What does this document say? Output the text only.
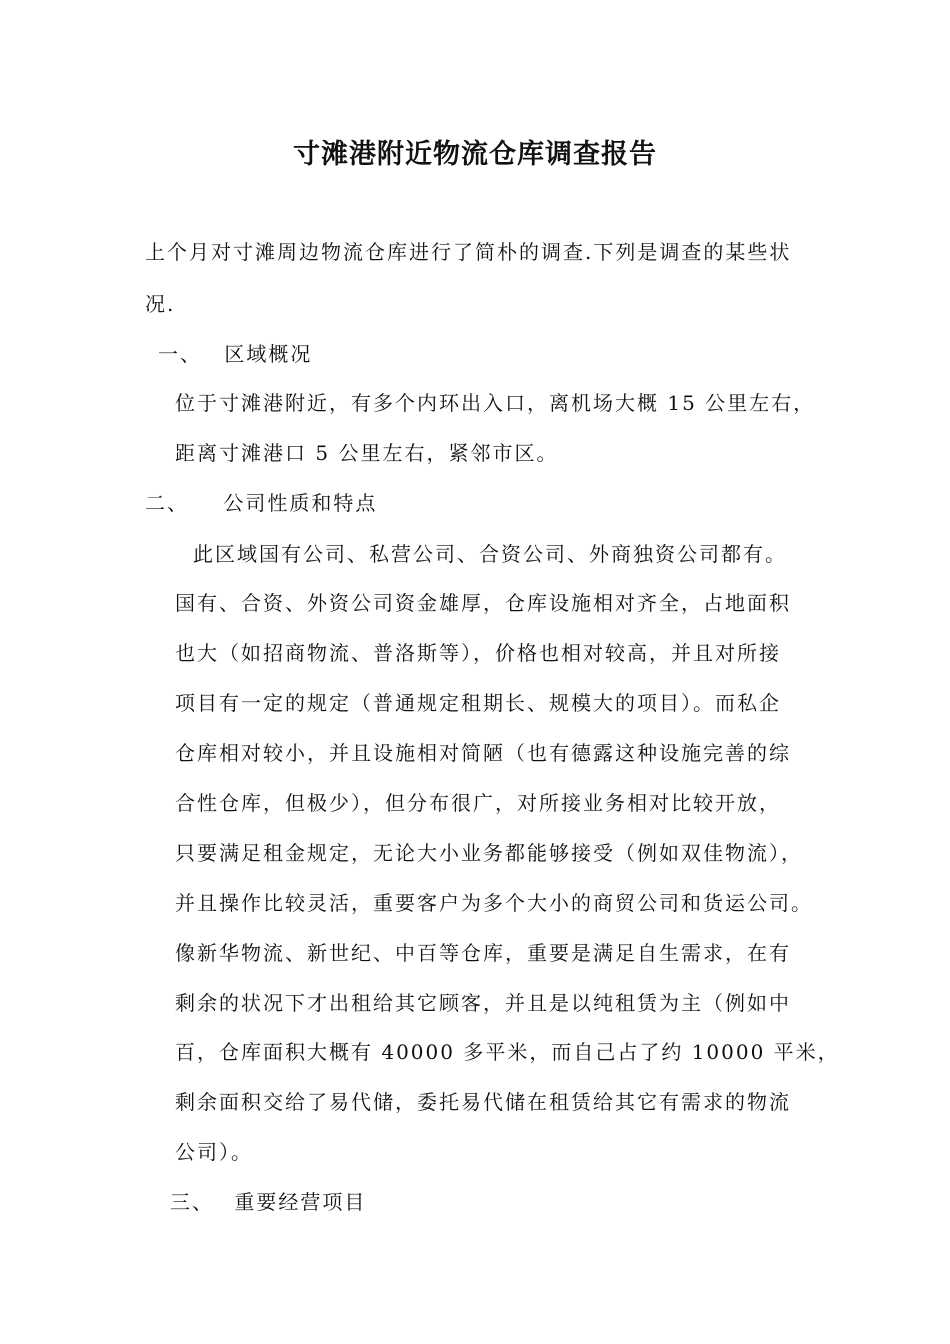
寸滩港附近物流仓库调查报告
上个月对寸滩周边物流仓库进行了简朴的调查.下列是调查的某些状
况.
一、 区域概况
位于寸滩港附近，有多个内环出入口，离机场大概 15 公里左右，
距离寸滩港口 5 公里左右，紧邻市区。
二、 公司性质和特点
此区域国有公司、私营公司、合资公司、外商独资公司都有。
国有、合资、外资公司资金雄厚，仓库设施相对齐全，占地面积
也大（如招商物流、普洛斯等），价格也相对较高，并且对所接
项目有一定的规定（普通规定租期长、规模大的项目）。而私企
仓库相对较小，并且设施相对简陋（也有德露这种设施完善的综
合性仓库，但极少），但分布很广，对所接业务相对比较开放，
只要满足租金规定，无论大小业务都能够接受（例如双佳物流），
并且操作比较灵活，重要客户为多个大小的商贸公司和货运公司。
像新华物流、新世纪、中百等仓库，重要是满足自生需求，在有
剩余的状况下才出租给其它顾客，并且是以纯租赁为主（例如中
百，仓库面积大概有 40000 多平米，而自己占了约 10000 平米，
剩余面积交给了易代储，委托易代储在租赁给其它有需求的物流
公司）。
三、 重要经营项目
